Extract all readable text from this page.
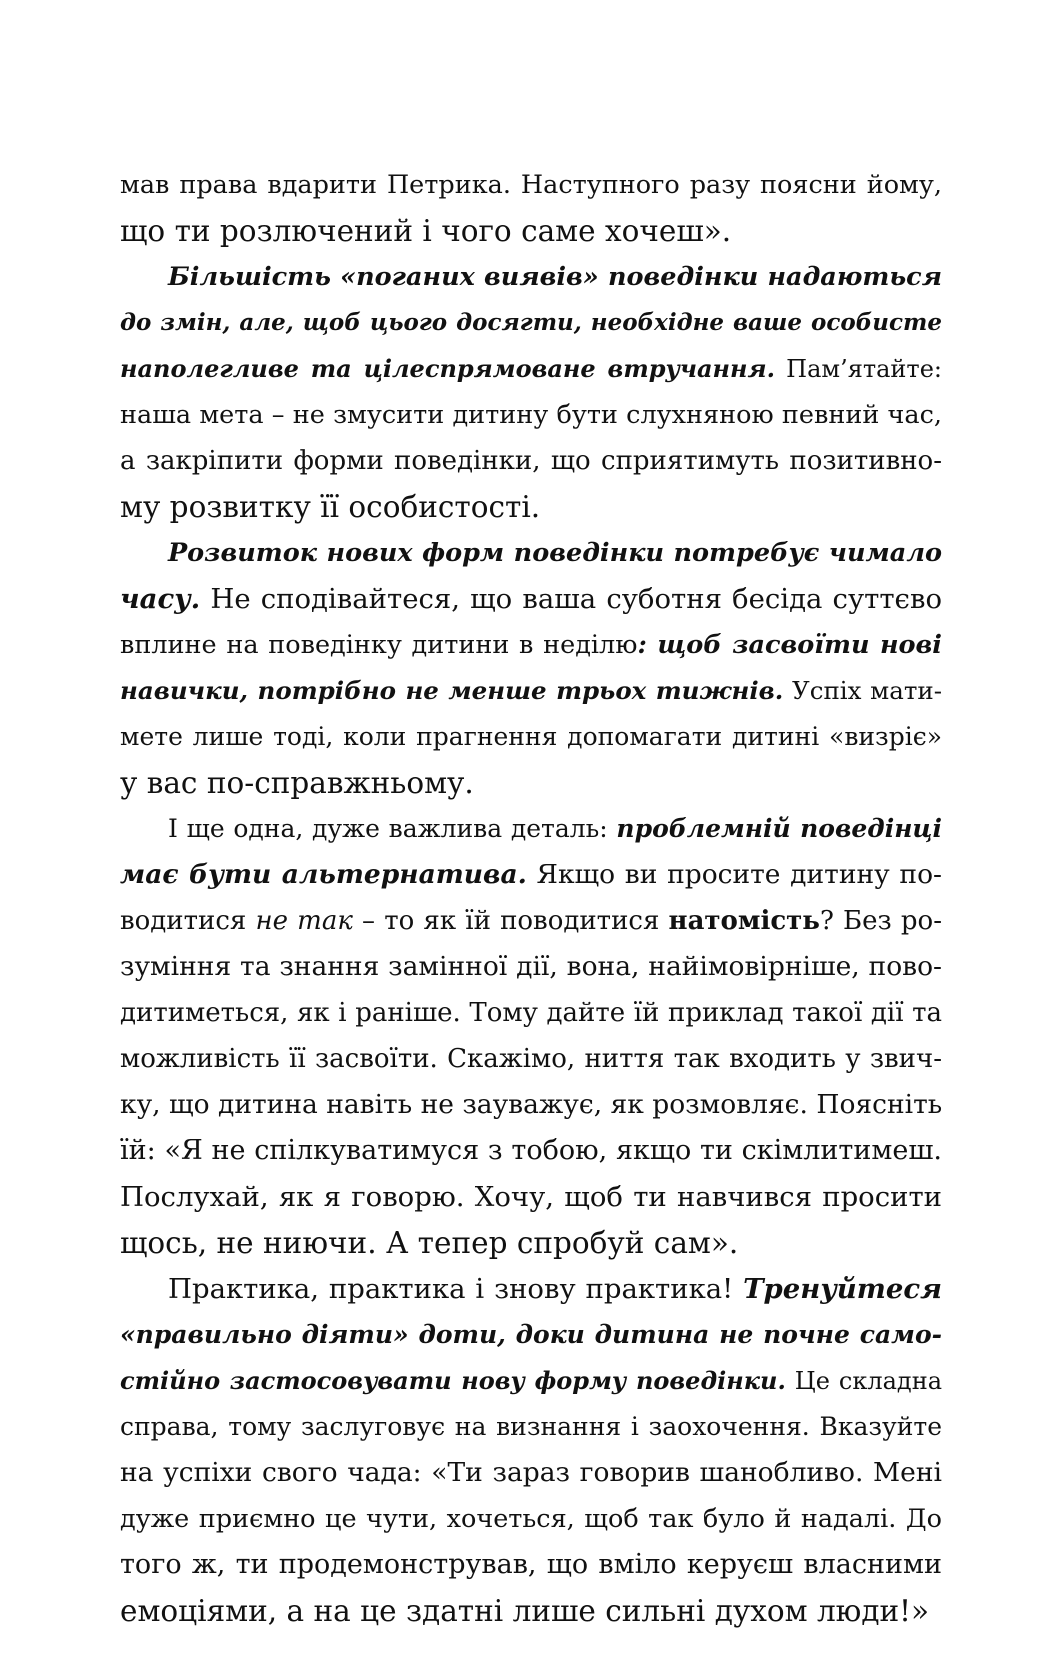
мав права вдарити Петрика. Наступного разу поясни йому,
що ти розлючений і чого саме хочеш».
Більшість «поганих виявів» поведінки надаються
до змін, але, щоб цього досягти, необхідне ваше особисте
наполегливе та цілеспрямоване втручання. Пам’ятайте:
наша мета – не змусити дитину бути слухняною певний час,
а закріпити форми поведінки, що сприятимуть позитивно-
му розвитку її особистості.
Розвиток нових форм поведінки потребує чимало
часу. Не сподівайтеся, що ваша суботня бесіда суттєво
вплине на поведінку дитини в неділю: щоб засвоїти нові
навички, потрібно не менше трьох тижнів. Успіх мати-
мете лише тоді, коли прагнення допомагати дитині «визріє»
у вас по-справжньому.
І ще одна, дуже важлива деталь: проблемній поведінці
має бути альтернатива. Якщо ви просите дитину по-
водитися не так – то як їй поводитися натомість? Без ро-
зуміння та знання замінної дії, вона, найімовірніше, пово-
дитиметься, як і раніше. Тому дайте їй приклад такої дії та
можливість її засвоїти. Скажімо, ниття так входить у звич-
ку, що дитина навіть не зауважує, як розмовляє. Поясніть
їй: «Я не спілкуватимуся з тобою, якщо ти скімлитимеш.
Послухай, як я говорю. Хочу, щоб ти навчився просити
щось, не ниючи. А тепер спробуй сам».
Практика, практика і знову практика! Тренуйтеся
«правильно діяти» доти, доки дитина не почне само-
стійно застосовувати нову форму поведінки. Це складна
справа, тому заслуговує на визнання і заохочення. Вказуйте
на успіхи свого чада: «Ти зараз говорив шанобливо. Мені
дуже приємно це чути, хочеться, щоб так було й надалі. До
того ж, ти продемонстрував, що вміло керуєш власними
емоціями, а на це здатні лише сильні духом люди!»
